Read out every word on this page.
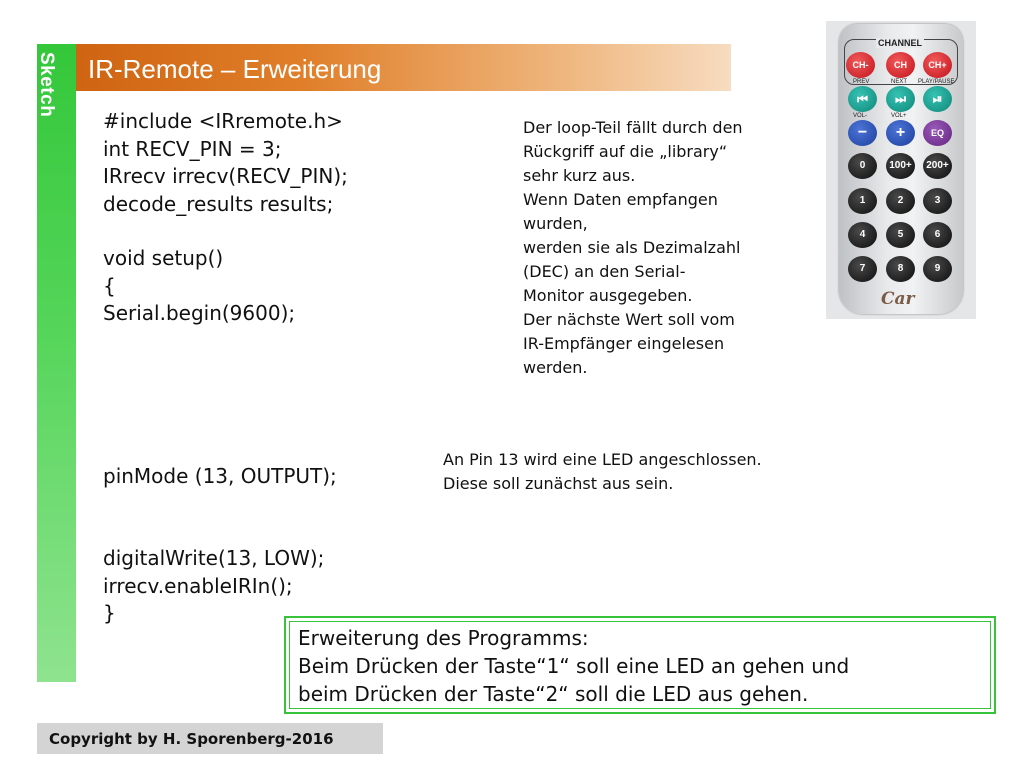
Sketch IR-Remote – Erweiterung
#include <IRremote.h>
int RECV_PIN = 3;
IRrecv irrecv(RECV_PIN);
decode_results results;
void setup()
{
Serial.begin(9600);
pinMode (13, OUTPUT);
digitalWrite(13, LOW);
irrecv.enableIRIn();
}
Der loop-Teil fällt durch den
Rückgriff auf die „library“
sehr kurz aus.
Wenn Daten empfangen
wurden,
werden sie als Dezimalzahl
(DEC) an den Serial-
Monitor ausgegeben.
Der nächste Wert soll vom
IR-Empfänger eingelesen
werden.
An Pin 13 wird eine LED angeschlossen.
Diese soll zunächst aus sein.
CHANNEL
CH-	CH	CH+
PREV	NEXT PLAY/PAUSE
⏮	⏭	⏯
VOL-	VOL+
−	+	EQ
0	100+	200+
1	2	3
4	5	6
7	8	9
Car
Erweiterung des Programms:
Beim Drücken der Taste“1“ soll eine LED an gehen und
beim Drücken der Taste“2“ soll die LED aus gehen.
Copyright by H. Sporenberg-2016
